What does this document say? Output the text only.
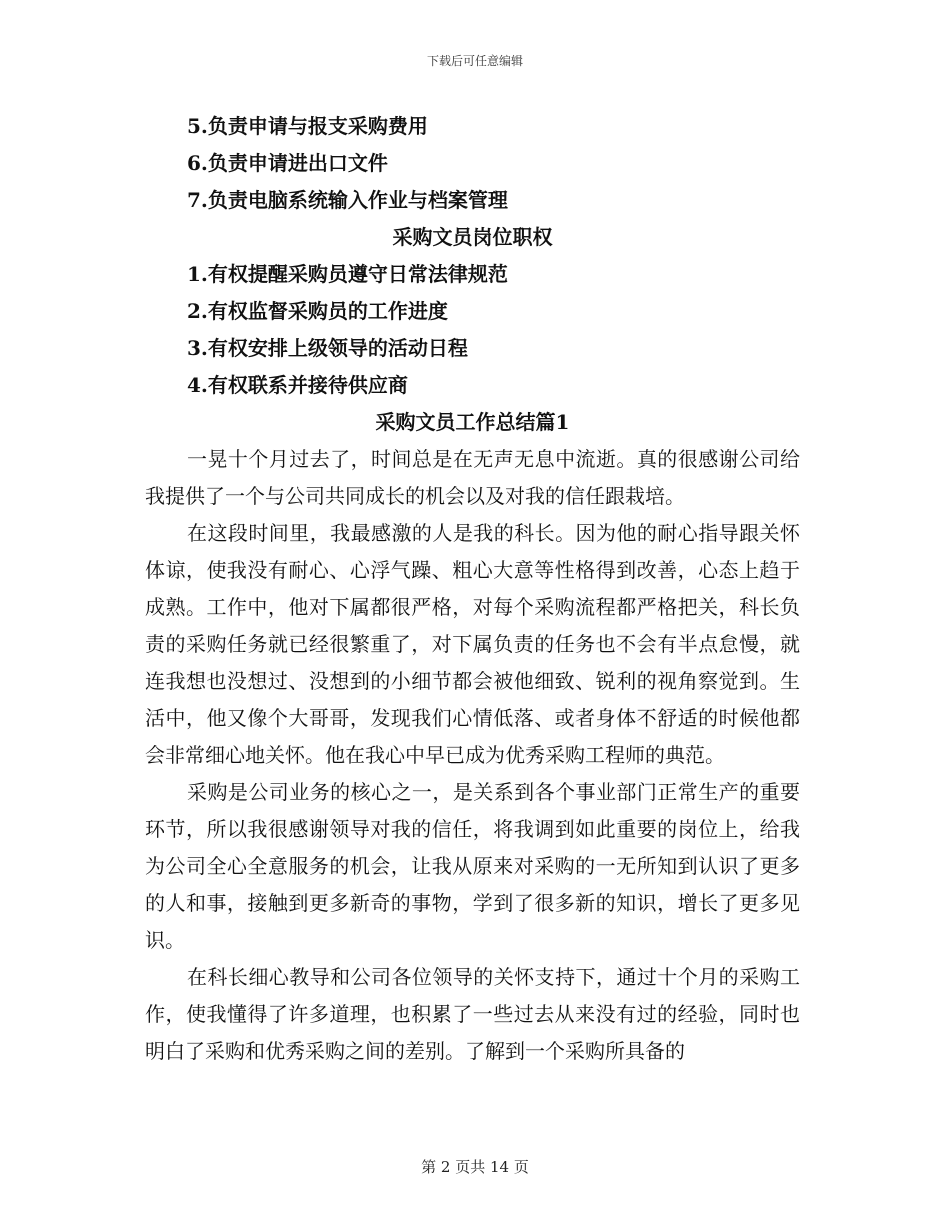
下载后可任意编辑
5.负责申请与报支采购费用
6.负责申请进出口文件
7.负责电脑系统输入作业与档案管理
采购文员岗位职权
1.有权提醒采购员遵守日常法律规范
2.有权监督采购员的工作进度
3.有权安排上级领导的活动日程
4.有权联系并接待供应商
采购文员工作总结篇1

一晃十个月过去了，时间总是在无声无息中流逝。真的很感谢公司给我提供了一个与公司共同成长的机会以及对我的信任跟栽培。

在这段时间里，我最感激的人是我的科长。因为他的耐心指导跟关怀体谅，使我没有耐心、心浮气躁、粗心大意等性格得到改善，心态上趋于成熟。工作中，他对下属都很严格，对每个采购流程都严格把关，科长负责的采购任务就已经很繁重了，对下属负责的任务也不会有半点怠慢，就连我想也没想过、没想到的小细节都会被他细致、锐利的视角察觉到。生活中，他又像个大哥哥，发现我们心情低落、或者身体不舒适的时候他都会非常细心地关怀。他在我心中早已成为优秀采购工程师的典范。

采购是公司业务的核心之一，是关系到各个事业部门正常生产的重要环节，所以我很感谢领导对我的信任，将我调到如此重要的岗位上，给我为公司全心全意服务的机会，让我从原来对采购的一无所知到认识了更多的人和事，接触到更多新奇的事物，学到了很多新的知识，增长了更多见识。

在科长细心教导和公司各位领导的关怀支持下，通过十个月的采购工作，使我懂得了许多道理，也积累了一些过去从来没有过的经验，同时也明白了采购和优秀采购之间的差别。了解到一个采购所具备的

第 2 页共 14 页
